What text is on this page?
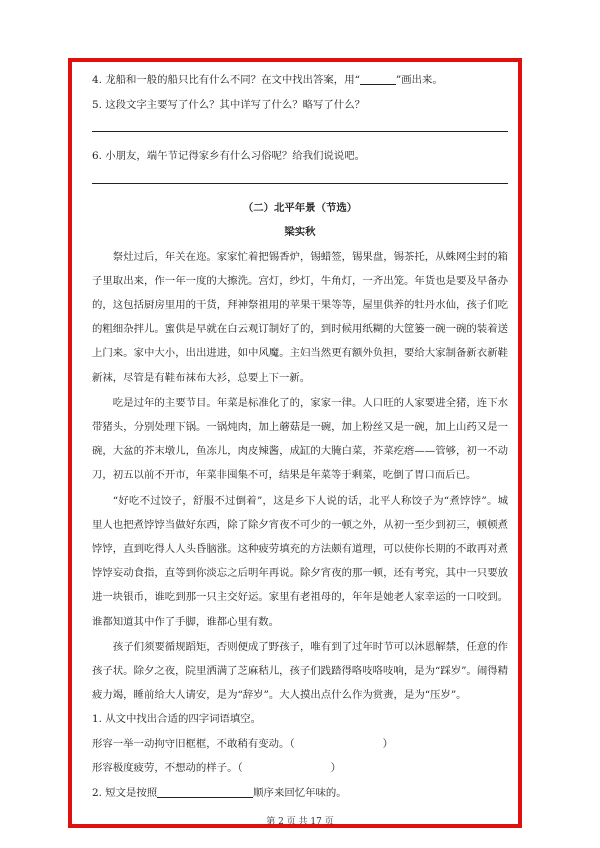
4. 龙船和一般的船只比有什么不同？在文中找出答案，用“	”画出来。

5. 这段文字主要写了什么？其中详写了什么？略写了什么？

6. 小朋友，端午节记得家乡有什么习俗呢？给我们说说吧。

（二）北平年景（节选）
梁实秋

祭灶过后，年关在迩。家家忙着把锡香炉，锡蜡签，锡果盘，锡茶托，从蛛网尘封的箱子里取出来，作一年一度的大擦洗。宫灯，纱灯，牛角灯，一齐出笼。年货也是要及早备办的，这包括厨房里用的干货，拜神祭祖用的苹果干果等等，屋里供养的牡丹水仙，孩子们吃的粗细杂拌儿。蜜供是早就在白云观订制好了的，到时候用纸糊的大筐篓一碗一碗的装着送上门来。家中大小，出出进进，如中风魔。主妇当然更有额外负担，要给大家制备新衣新鞋新袜，尽管是有鞋布袜布大衫，总要上下一新。

吃是过年的主要节目。年菜是标准化了的，家家一律。人口旺的人家要进全猪，连下水带猪头，分别处理下锅。一锅炖肉，加上蘑菇是一碗，加上粉丝又是一碗，加上山药又是一碗，大盆的芥末墩儿，鱼冻儿，肉皮辣酱，成缸的大腌白菜，芥菜疙瘩——管够，初一不动刀，初五以前不开市，年菜非囤集不可，结果是年菜等于剩菜，吃倒了胃口而后已。

“好吃不过饺子，舒服不过倒着”，这是乡下人说的话，北平人称饺子为“煮饽饽”。城里人也把煮饽饽当做好东西，除了除夕宵夜不可少的一顿之外，从初一至少到初三，顿顿煮饽饽，直到吃得人人头昏脑涨。这种疲劳填充的方法颇有道理，可以使你长期的不敢再对煮饽饽妄动食指，直等到你淡忘之后明年再说。除夕宵夜的那一顿，还有考究，其中一只要放进一块银币，谁吃到那一只主交好运。家里有老祖母的，年年是她老人家幸运的一口咬到。谁都知道其中作了手脚，谁都心里有数。

孩子们须要循规蹈矩，否则便成了野孩子，唯有到了过年时节可以沐恩解禁，任意的作孩子状。除夕之夜，院里洒满了芝麻秸儿，孩子们践踏得咯吱咯吱响，是为“踩岁”。闹得精疲力竭，睡前给大人请安，是为“辞岁”。大人摸出点什么作为赏赉，是为“压岁”。

1. 从文中找出合适的四字词语填空。

形容一举一动拘守旧框框，不敢稍有变动。（	）

形容极度疲劳，不想动的样子。（	）

2. 短文是按照	顺序来回忆年味的。

第 2 页 共 17 页
